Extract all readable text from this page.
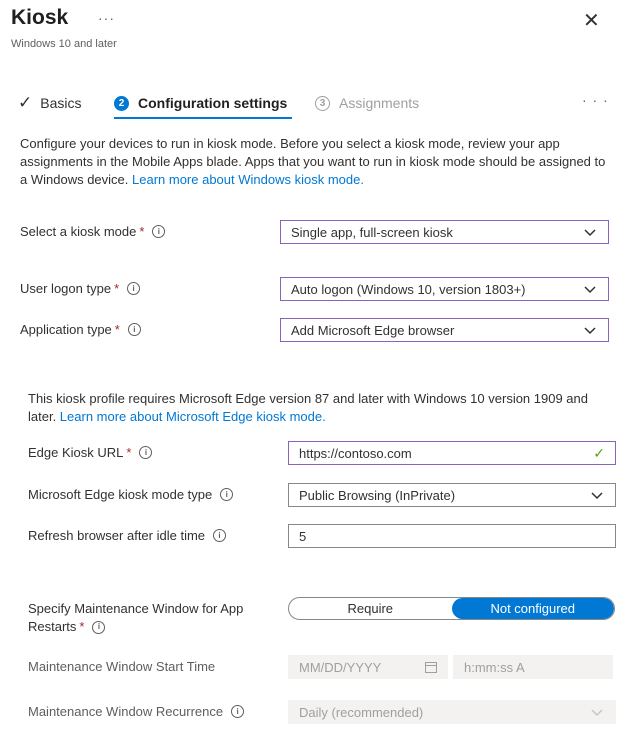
Kiosk ···
Windows 10 and later
✕
✓ Basics	2 Configuration settings	3 Assignments	· · ·
Configure your devices to run in kiosk mode. Before you select a kiosk mode, review your app assignments in the Mobile Apps blade. Apps that you want to run in kiosk mode should be assigned to a Windows device. Learn more about Windows kiosk mode.
Select a kiosk mode *	i	Single app, full-screen kiosk
User logon type *	i	Auto logon (Windows 10, version 1803+)
Application type *	i	Add Microsoft Edge browser
This kiosk profile requires Microsoft Edge version 87 and later with Windows 10 version 1909 and later. Learn more about Microsoft Edge kiosk mode.
Edge Kiosk URL *	i	https://contoso.com	✓
Microsoft Edge kiosk mode type	i	Public Browsing (InPrivate)
Refresh browser after idle time	i	5
Specify Maintenance Window for App
Restarts *	i
Require	Not configured
Maintenance Window Start Time	MM/DD/YYYY	h:mm:ss A
Maintenance Window Recurrence	i	Daily (recommended)
